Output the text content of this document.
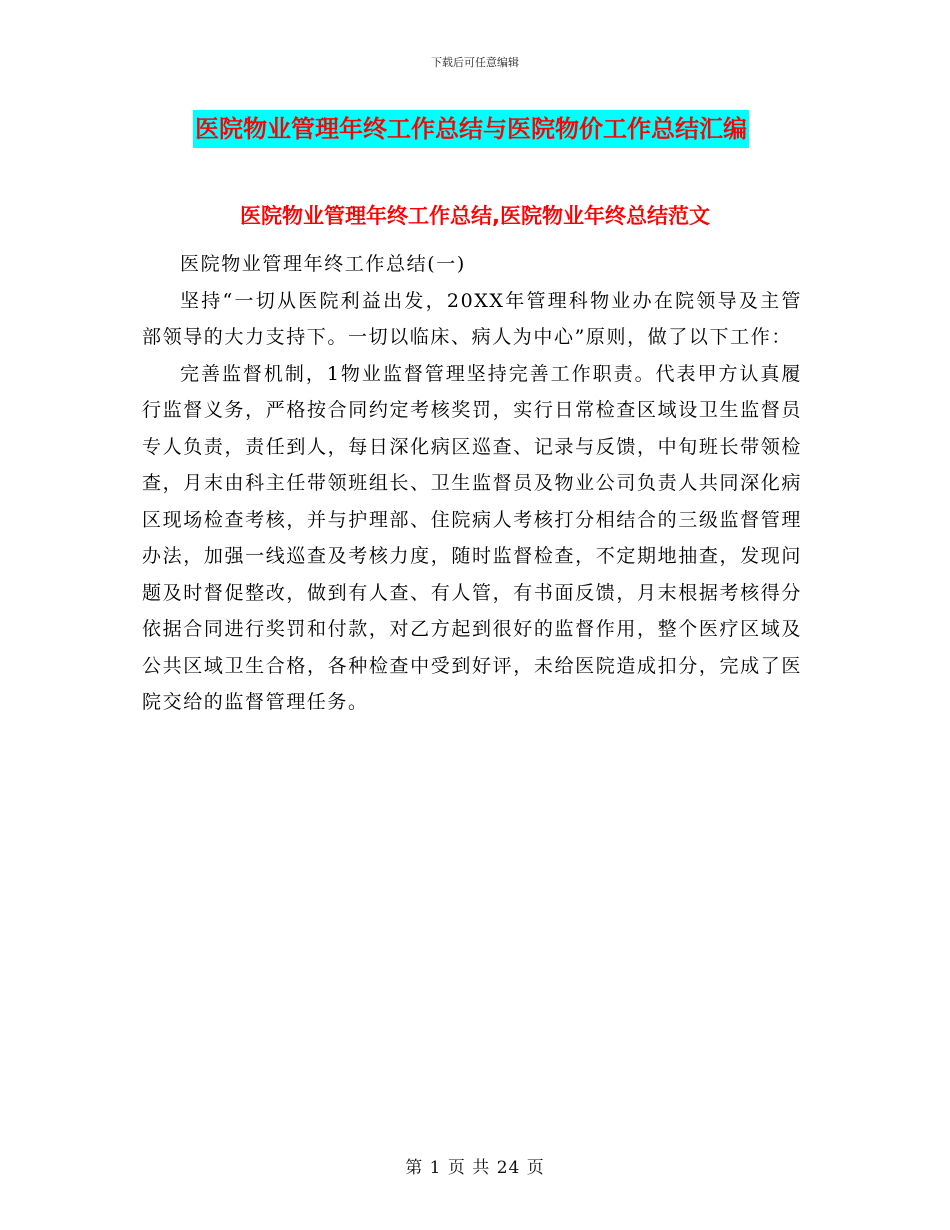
下载后可任意编辑
医院物业管理年终工作总结与医院物价工作总结汇编
医院物业管理年终工作总结,医院物业年终总结范文

医院物业管理年终工作总结(一)

坚持“一切从医院利益出发，20XX年管理科物业办在院领导及主管部领导的大力支持下。一切以临床、病人为中心”原则，做了以下工作：

完善监督机制，1物业监督管理坚持完善工作职责。代表甲方认真履行监督义务，严格按合同约定考核奖罚，实行日常检查区域设卫生监督员专人负责，责任到人，每日深化病区巡查、记录与反馈，中旬班长带领检查，月末由科主任带领班组长、卫生监督员及物业公司负责人共同深化病区现场检查考核，并与护理部、住院病人考核打分相结合的三级监督管理办法，加强一线巡查及考核力度，随时监督检查，不定期地抽查，发现问题及时督促整改，做到有人查、有人管，有书面反馈，月末根据考核得分依据合同进行奖罚和付款，对乙方起到很好的监督作用，整个医疗区域及公共区域卫生合格，各种检查中受到好评，未给医院造成扣分，完成了医院交给的监督管理任务。

第 1 页 共 24 页
